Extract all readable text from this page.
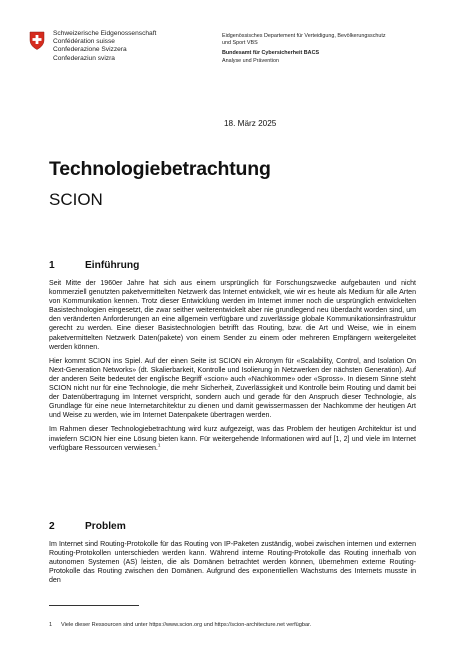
Schweizerische Eidgenossenschaft
Confédération suisse
Confederazione Svizzera
Confederaziun svizra
Eidgenössisches Departement für Verteidigung, Bevölkerungsschutz
und Sport VBS
Bundesamt für Cybersicherheit BACS
Analyse und Prävention
18. März 2025
Technologiebetrachtung
SCION
1	Einführung

Seit Mitte der 1960er Jahre hat sich aus einem ursprünglich für Forschungszwecke aufgebauten und nicht kommerziell genutzten paketvermittelten Netzwerk das Internet entwickelt, wie wir es heute als Medium für alle Arten von Kommunikation kennen. Trotz dieser Entwicklung werden im Internet immer noch die ursprünglich entwickelten Basistechnologien eingesetzt, die zwar seither weiterentwickelt aber nie grundlegend neu überdacht worden sind, um den veränderten Anforderungen an eine allgemein verfügbare und zuverlässige globale Kommunikationsinfrastruktur gerecht zu werden. Eine dieser Basistechnologien betrifft das Routing, bzw. die Art und Weise, wie in einem paketvermittelten Netzwerk Daten(pakete) von einem Sender zu einem oder mehreren Empfängern weitergeleitet werden können.

Hier kommt SCION ins Spiel. Auf der einen Seite ist SCION ein Akronym für «Scalability, Control, and Isolation On Next-Generation Networks» (dt. Skalierbarkeit, Kontrolle und Isolierung in Netzwerken der nächsten Generation). Auf der anderen Seite bedeutet der englische Begriff «scion» auch «Nachkomme» oder «Spross». In diesem Sinne steht SCION nicht nur für eine Technologie, die mehr Sicherheit, Zuverlässigkeit und Kontrolle beim Routing und damit bei der Datenübertragung im Internet verspricht, sondern auch und gerade für den Anspruch dieser Technologie, als Grundlage für eine neue Internetarchitektur zu dienen und damit gewissermassen der Nachkomme der heutigen Art und Weise zu werden, wie im Internet Datenpakete übertragen werden.

Im Rahmen dieser Technologiebetrachtung wird kurz aufgezeigt, was das Problem der heutigen Architektur ist und inwiefern SCION hier eine Lösung bieten kann. Für weitergehende Informationen wird auf [1, 2] und viele im Internet verfügbare Ressourcen verwiesen.$^1$

2	Problem

Im Internet sind Routing-Protokolle für das Routing von IP-Paketen zuständig, wobei zwischen internen und externen Routing-Protokollen unterschieden werden kann. Während interne Routing-Protokolle das Routing innerhalb von autonomen Systemen (AS) leisten, die als Domänen betrachtet werden können, übernehmen externe Routing-Protokolle das Routing zwischen den Domänen. Aufgrund des exponentiellen Wachstums des Internets musste in den

1 Viele dieser Ressourcen sind unter https://www.scion.org und https://scion-architecture.net verfügbar.
